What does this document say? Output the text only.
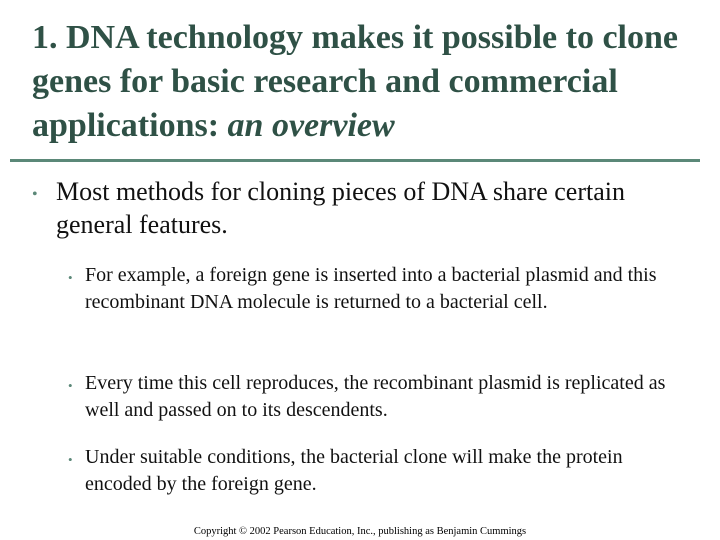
1. DNA technology makes it possible to clone genes for basic research and commercial applications: an overview

• Most methods for cloning pieces of DNA share certain general features.

• For example, a foreign gene is inserted into a bacterial plasmid and this recombinant DNA molecule is returned to a bacterial cell.

• Every time this cell reproduces, the recombinant plasmid is replicated as well and passed on to its descendents.

• Under suitable conditions, the bacterial clone will make the protein encoded by the foreign gene.

Copyright © 2002 Pearson Education, Inc., publishing as Benjamin Cummings
